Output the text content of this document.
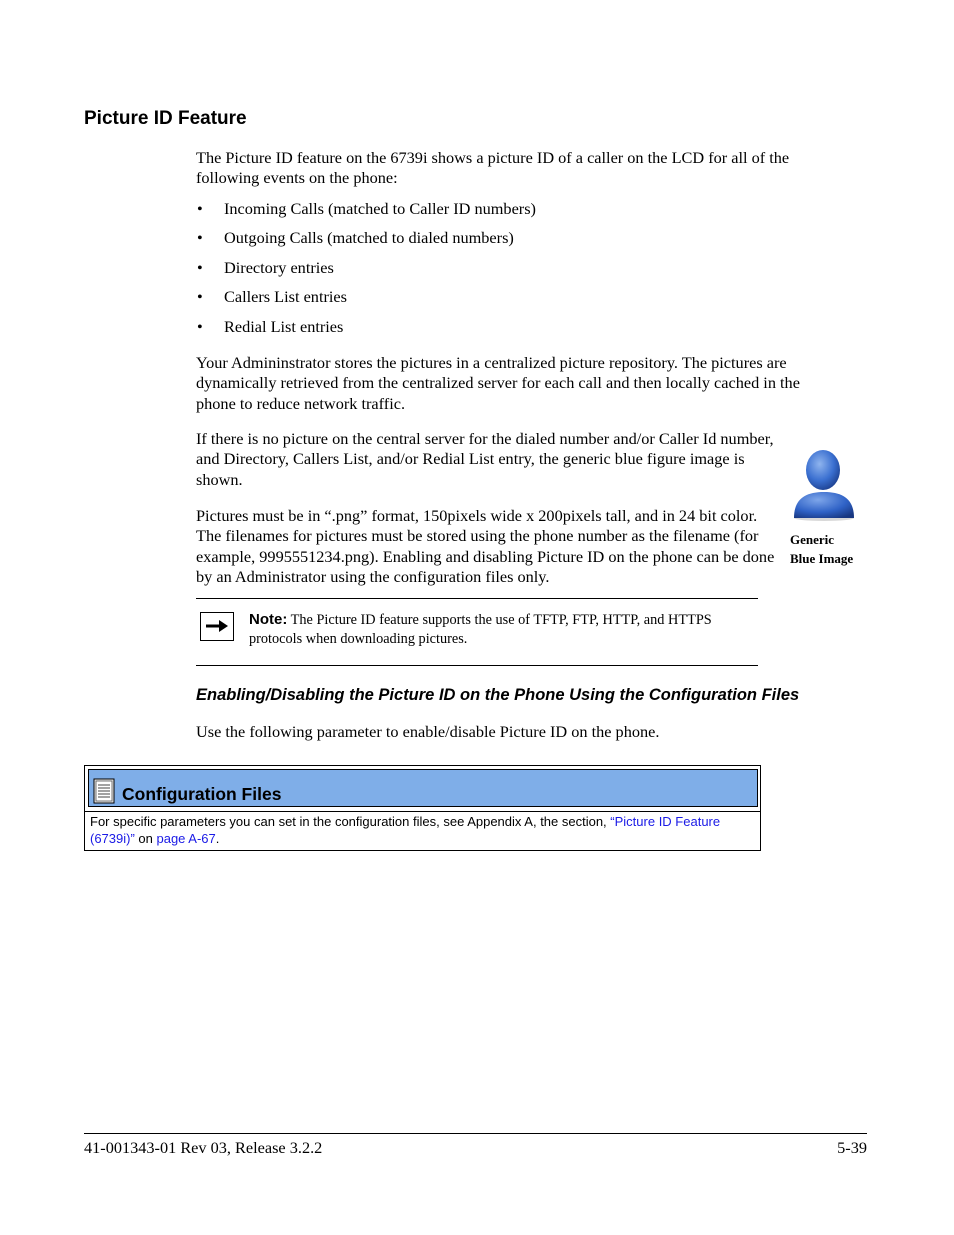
Picture ID Feature
The Picture ID feature on the 6739i shows a picture ID of a caller on the LCD for all of the following events on the phone:
• Incoming Calls (matched to Caller ID numbers)
• Outgoing Calls (matched to dialed numbers)
• Directory entries
• Callers List entries
• Redial List entries
Your Admininstrator stores the pictures in a centralized picture repository. The pictures are dynamically retrieved from the centralized server for each call and then locally cached in the phone to reduce network traffic.
If there is no picture on the central server for the dialed number and/or Caller Id number, and Directory, Callers List, and/or Redial List entry, the generic blue figure image is shown.
Pictures must be in “.png” format, 150pixels wide x 200pixels tall, and in 24 bit color. The filenames for pictures must be stored using the phone number as the filename (for example, 9995551234.png). Enabling and disabling Picture ID on the phone can be done by an Administrator using the configuration files only.
Generic
Blue Image
Note: The Picture ID feature supports the use of TFTP, FTP, HTTP, and HTTPS protocols when downloading pictures.
Enabling/Disabling the Picture ID on the Phone Using the Configuration Files
Use the following parameter to enable/disable Picture ID on the phone.
Configuration Files
For specific parameters you can set in the configuration files, see Appendix A, the section, “Picture ID Feature (6739i)” on page A-67.
41-001343-01 Rev 03, Release 3.2.2	5-39
